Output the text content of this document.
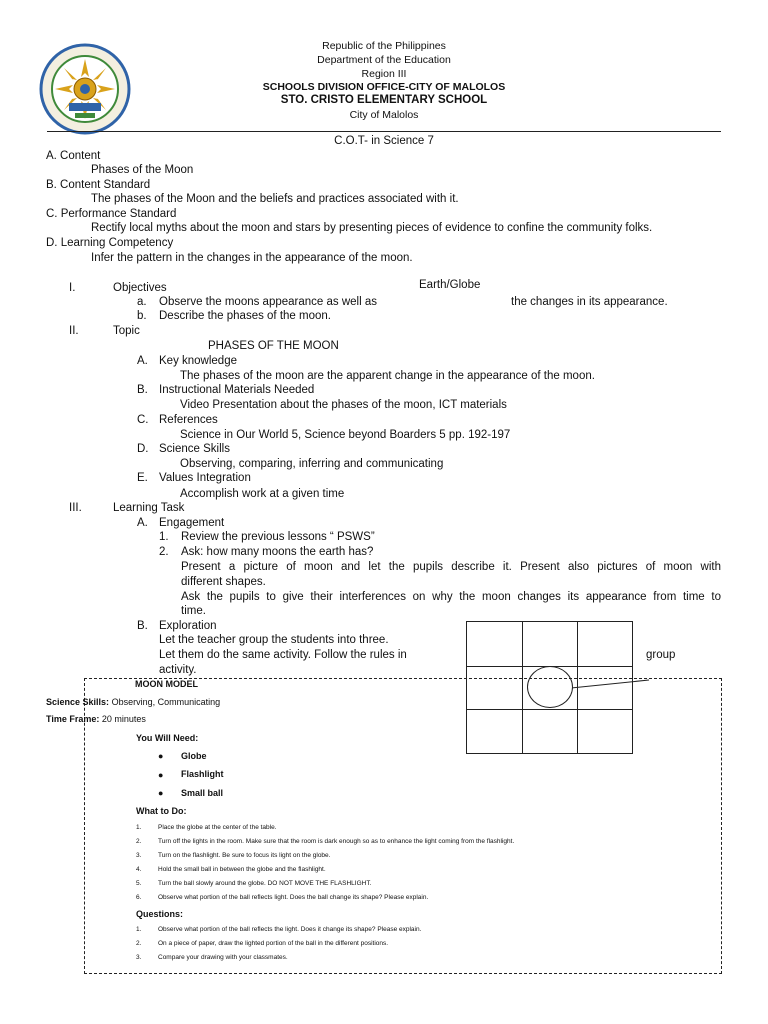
Republic of the Philippines
Department of the Education
Region III
SCHOOLS DIVISION OFFICE-CITY OF MALOLOS
STO. CRISTO ELEMENTARY SCHOOL
City of Malolos
C.O.T- in Science 7
A. Content
Phases of the Moon
B. Content Standard
The phases of the Moon and the beliefs and practices associated with it.
C. Performance Standard
Rectify local myths about the moon and stars by presenting pieces of evidence to confine the community folks.
D. Learning Competency
Infer the pattern in the changes in the appearance of the moon.
I.	Objectives	Earth/Globe
a. Observe the moons appearance as well as	the changes in its appearance.
b. Describe the phases of the moon.
II.	Topic
PHASES OF THE MOON
A. Key knowledge
The phases of the moon are the apparent change in the appearance of the moon.
B. Instructional Materials Needed
Video Presentation about the phases of the moon, ICT materials
C. References
Science in Our World 5, Science beyond Boarders 5 pp. 192-197
D. Science Skills
Observing, comparing, inferring and communicating
E. Values Integration
Accomplish work at a given time
III.	Learning Task
A. Engagement
1. Review the previous lessons “ PSWS”
2. Ask: how many moons the earth has?
Present a picture of moon and let the pupils describe it. Present also pictures of moon with
different shapes.
Ask the pupils to give their interferences on why the moon changes its appearance from time to
time.
B. Exploration
Let the teacher group the students into three.
Let them do the same activity. Follow the rules in	group
activity.
MOON MODEL
Science Skills: Observing, Communicating
Time Frame: 20 minutes
You Will Need:
● Globe
● Flashlight
● Small ball
What to Do:
1.	Place the globe at the center of the table.
2.	Turn off the lights in the room. Make sure that the room is dark enough so as to enhance the light coming from the flashlight.
3.	Turn on the flashlight. Be sure to focus its light on the globe.
4.	Hold the small ball in between the globe and the flashlight.
5.	Turn the ball slowly around the globe. DO NOT MOVE THE FLASHLIGHT.
6.	Observe what portion of the ball reflects light. Does the ball change its shape? Please explain.
Questions:
1.	Observe what portion of the ball reflects the light. Does it change its shape? Please explain.
2.	On a piece of paper, draw the lighted portion of the ball in the different positions.
3.	Compare your drawing with your classmates.
